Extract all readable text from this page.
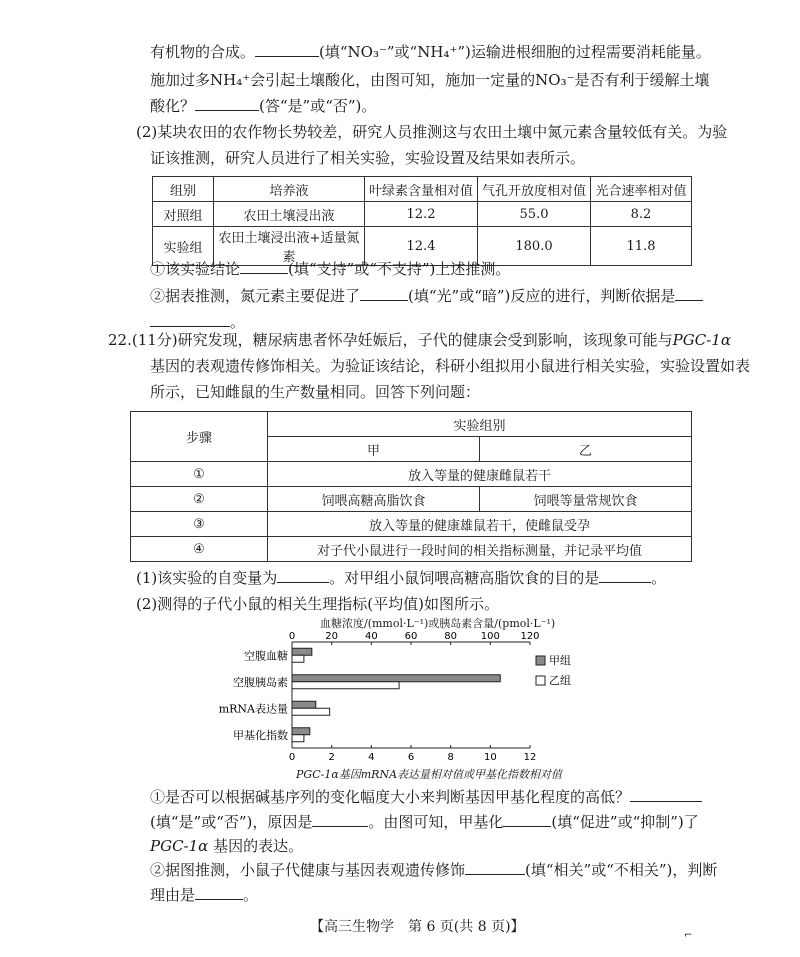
有机物的合成。	(填“NO₃⁻”或“NH₄⁺”)运输进根细胞的过程需要消耗能量。
施加过多NH₄⁺会引起土壤酸化，由图可知，施加一定量的NO₃⁻是否有利于缓解土壤
酸化？	(答“是”或“否”)。
(2)某块农田的农作物长势较差，研究人员推测这与农田土壤中氮元素含量较低有关。为验
证该推测，研究人员进行了相关实验，实验设置及结果如表所示。
组别	培养液	叶绿素含量相对值	气孔开放度相对值	光合速率相对值
对照组	农田土壤浸出液	12.2	55.0	8.2
实验组	农田土壤浸出液+适量氮素	12.4	180.0	11.8
①该实验结论	(填“支持”或“不支持”)上述推测。
②据表推测，氮元素主要促进了	(填“光”或“暗”)反应的进行，判断依据是
。
22.(11分)研究发现，糖尿病患者怀孕妊娠后，子代的健康会受到影响，该现象可能与PGC-1α
基因的表观遗传修饰相关。为验证该结论，科研小组拟用小鼠进行相关实验，实验设置如表
所示，已知雌鼠的生产数量相同。回答下列问题：
步骤	实验组别	
	甲	乙
①	放入等量的健康雌鼠若干	
②	饲喂高糖高脂饮食	饲喂等量常规饮食
③	放入等量的健康雄鼠若干，使雌鼠受孕	
④	对子代小鼠进行一段时间的相关指标测量，并记录平均值	
(1)该实验的自变量为	。对甲组小鼠饲喂高糖高脂饮食的目的是	。
(2)测得的子代小鼠的相关生理指标(平均值)如图所示。
血糖浓度/(mmol·L⁻¹)或胰岛素含量/(pmol·L⁻¹)
0	20	40	60	80 100 120
0	2	4	6	8	10	12
空腹血糖
空腹胰岛素
mRNA表达量
甲基化指数
甲组
乙组
PGC-1α基因mRNA表达量相对值或甲基化指数相对值
①是否可以根据碱基序列的变化幅度大小来判断基因甲基化程度的高低？
(填“是”或“否”)，原因是	。由图可知，甲基化	(填“促进”或“抑制”)了
PGC-1α 基因的表达。
②据图推测，小鼠子代健康与基因表观遗传修饰	(填“相关”或“不相关”)，判断
理由是	。
【高三生物学　第 6 页(共 8 页)】
⌐
